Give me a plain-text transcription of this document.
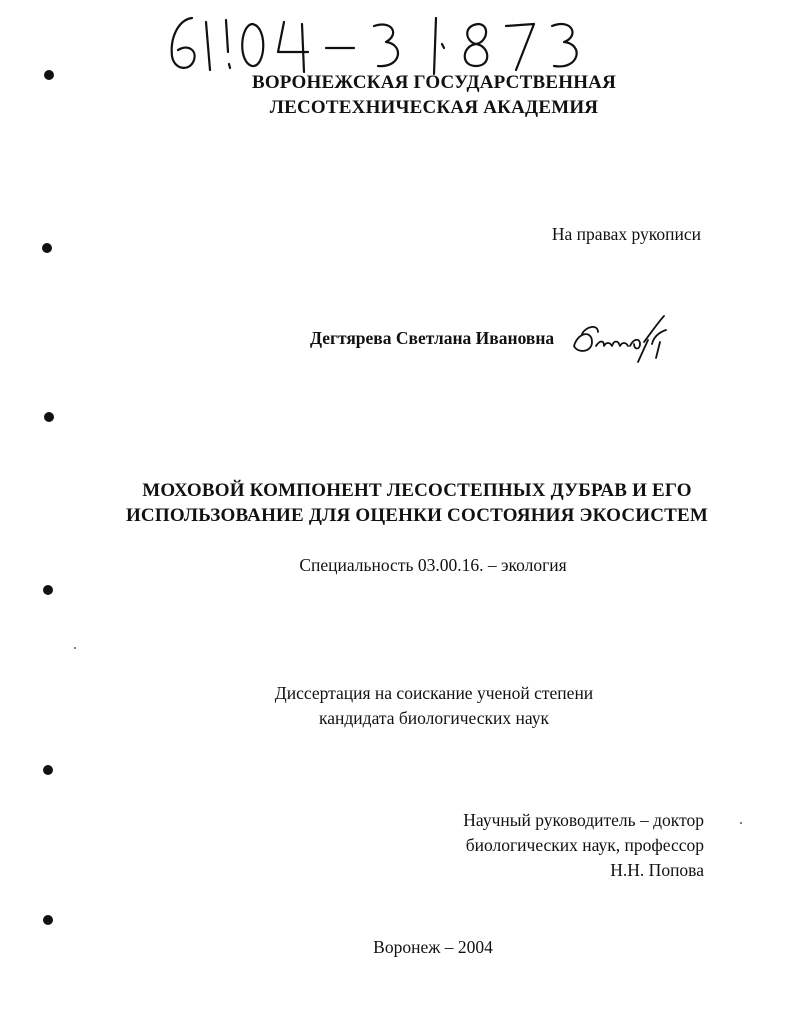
ВОРОНЕЖСКАЯ ГОСУДАРСТВЕННАЯ
ЛЕСОТЕХНИЧЕСКАЯ АКАДЕМИЯ
На правах рукописи
Дегтярева Светлана Ивановна
МОХОВОЙ КОМПОНЕНТ ЛЕСОСТЕПНЫХ ДУБРАВ И ЕГО
ИСПОЛЬЗОВАНИЕ ДЛЯ ОЦЕНКИ СОСТОЯНИЯ ЭКОСИСТЕМ
Специальность 03.00.16. – экология
Диссертация на соискание ученой степени
кандидата биологических наук
Научный руководитель – доктор
биологических наук, профессор
Н.Н. Попова
Воронеж – 2004
